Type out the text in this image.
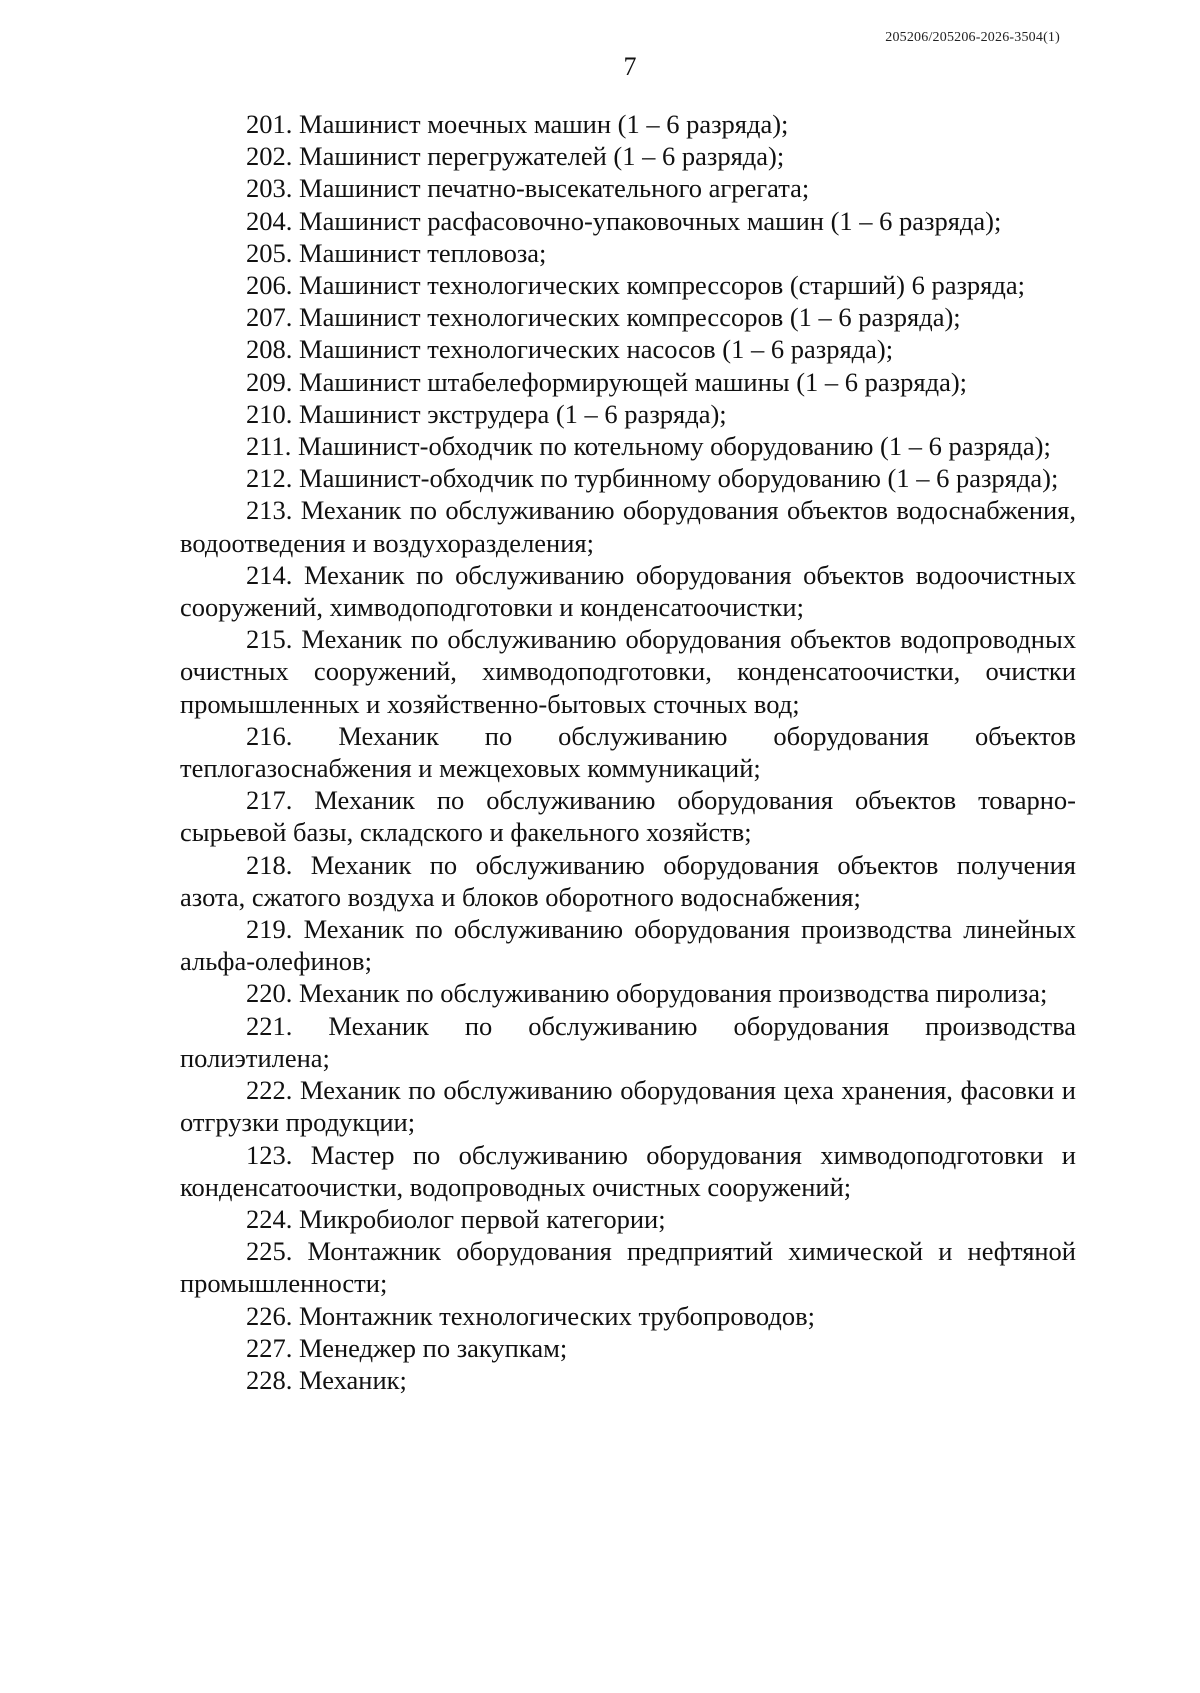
205206/205206-2026-3504(1)
7

201. Машинист моечных машин (1 – 6 разряда);

202. Машинист перегружателей (1 – 6 разряда);

203. Машинист печатно-высекательного агрегата;

204. Машинист расфасовочно-упаковочных машин (1 – 6 разряда);

205. Машинист тепловоза;

206. Машинист технологических компрессоров (старший) 6 разряда;

207. Машинист технологических компрессоров (1 – 6 разряда);

208. Машинист технологических насосов (1 – 6 разряда);

209. Машинист штабелеформирующей машины (1 – 6 разряда);

210. Машинист экструдера (1 – 6 разряда);

211. Машинист-обходчик по котельному оборудованию (1 – 6 разряда);

212. Машинист-обходчик по турбинному оборудованию (1 – 6 разряда);

213. Механик по обслуживанию оборудования объектов водоснабжения, водоотведения и воздухоразделения;

214. Механик по обслуживанию оборудования объектов водоочистных сооружений, химводоподготовки и конденсатоочистки;

215. Механик по обслуживанию оборудования объектов водопроводных очистных сооружений, химводоподготовки, конденсатоочистки, очистки промышленных и хозяйственно-бытовых сточных вод;

216. Механик по обслуживанию оборудования объектов теплогазоснабжения и межцеховых коммуникаций;

217. Механик по обслуживанию оборудования объектов товарно-сырьевой базы, складского и факельного хозяйств;

218. Механик по обслуживанию оборудования объектов получения азота, сжатого воздуха и блоков оборотного водоснабжения;

219. Механик по обслуживанию оборудования производства линейных альфа-олефинов;

220. Механик по обслуживанию оборудования производства пиролиза;

221. Механик по обслуживанию оборудования производства полиэтилена;

222. Механик по обслуживанию оборудования цеха хранения, фасовки и отгрузки продукции;

123. Мастер по обслуживанию оборудования химводоподготовки и конденсатоочистки, водопроводных очистных сооружений;

224. Микробиолог первой категории;

225. Монтажник оборудования предприятий химической и нефтяной промышленности;

226. Монтажник технологических трубопроводов;

227. Менеджер по закупкам;

228. Механик;
